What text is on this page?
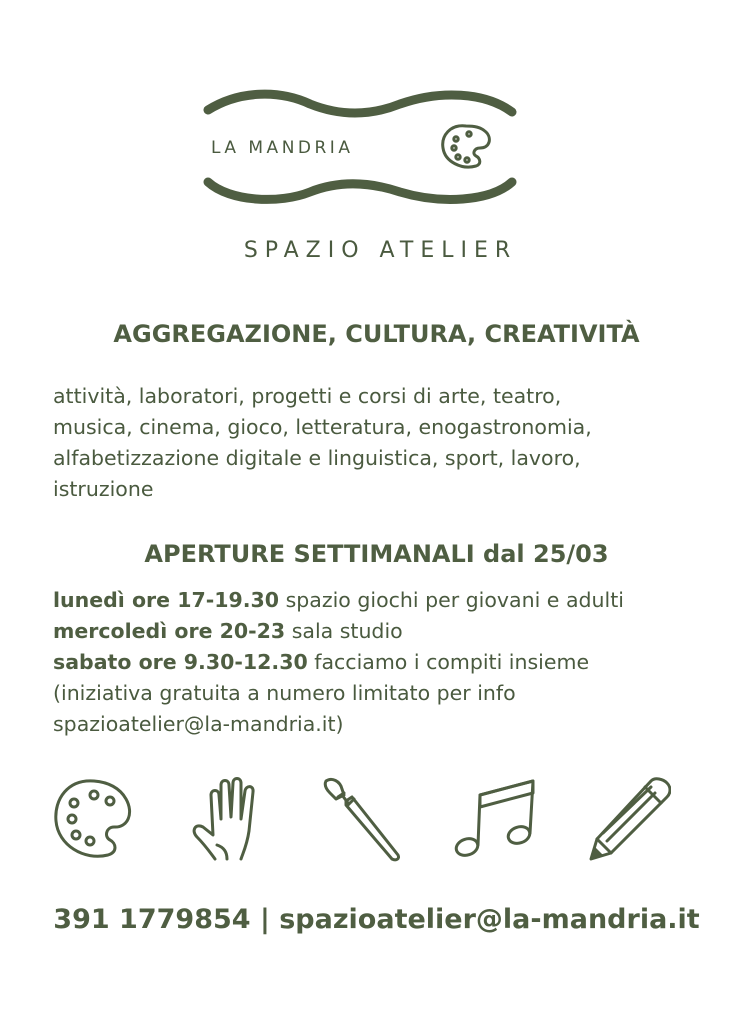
LA MANDRIA
SPAZIO ATELIER
AGGREGAZIONE, CULTURA, CREATIVITÀ
attività, laboratori, progetti e corsi di arte, teatro,
musica, cinema, gioco, letteratura, enogastronomia,
alfabetizzazione digitale e linguistica, sport, lavoro,
istruzione
APERTURE SETTIMANALI dal 25/03
lunedì ore 17-19.30 spazio giochi per giovani e adulti
mercoledì ore 20-23 sala studio
sabato ore 9.30-12.30 facciamo i compiti insieme
(iniziativa gratuita a numero limitato per info
spazioatelier@la-mandria.it)
391 1779854 | spazioatelier@la-mandria.it
